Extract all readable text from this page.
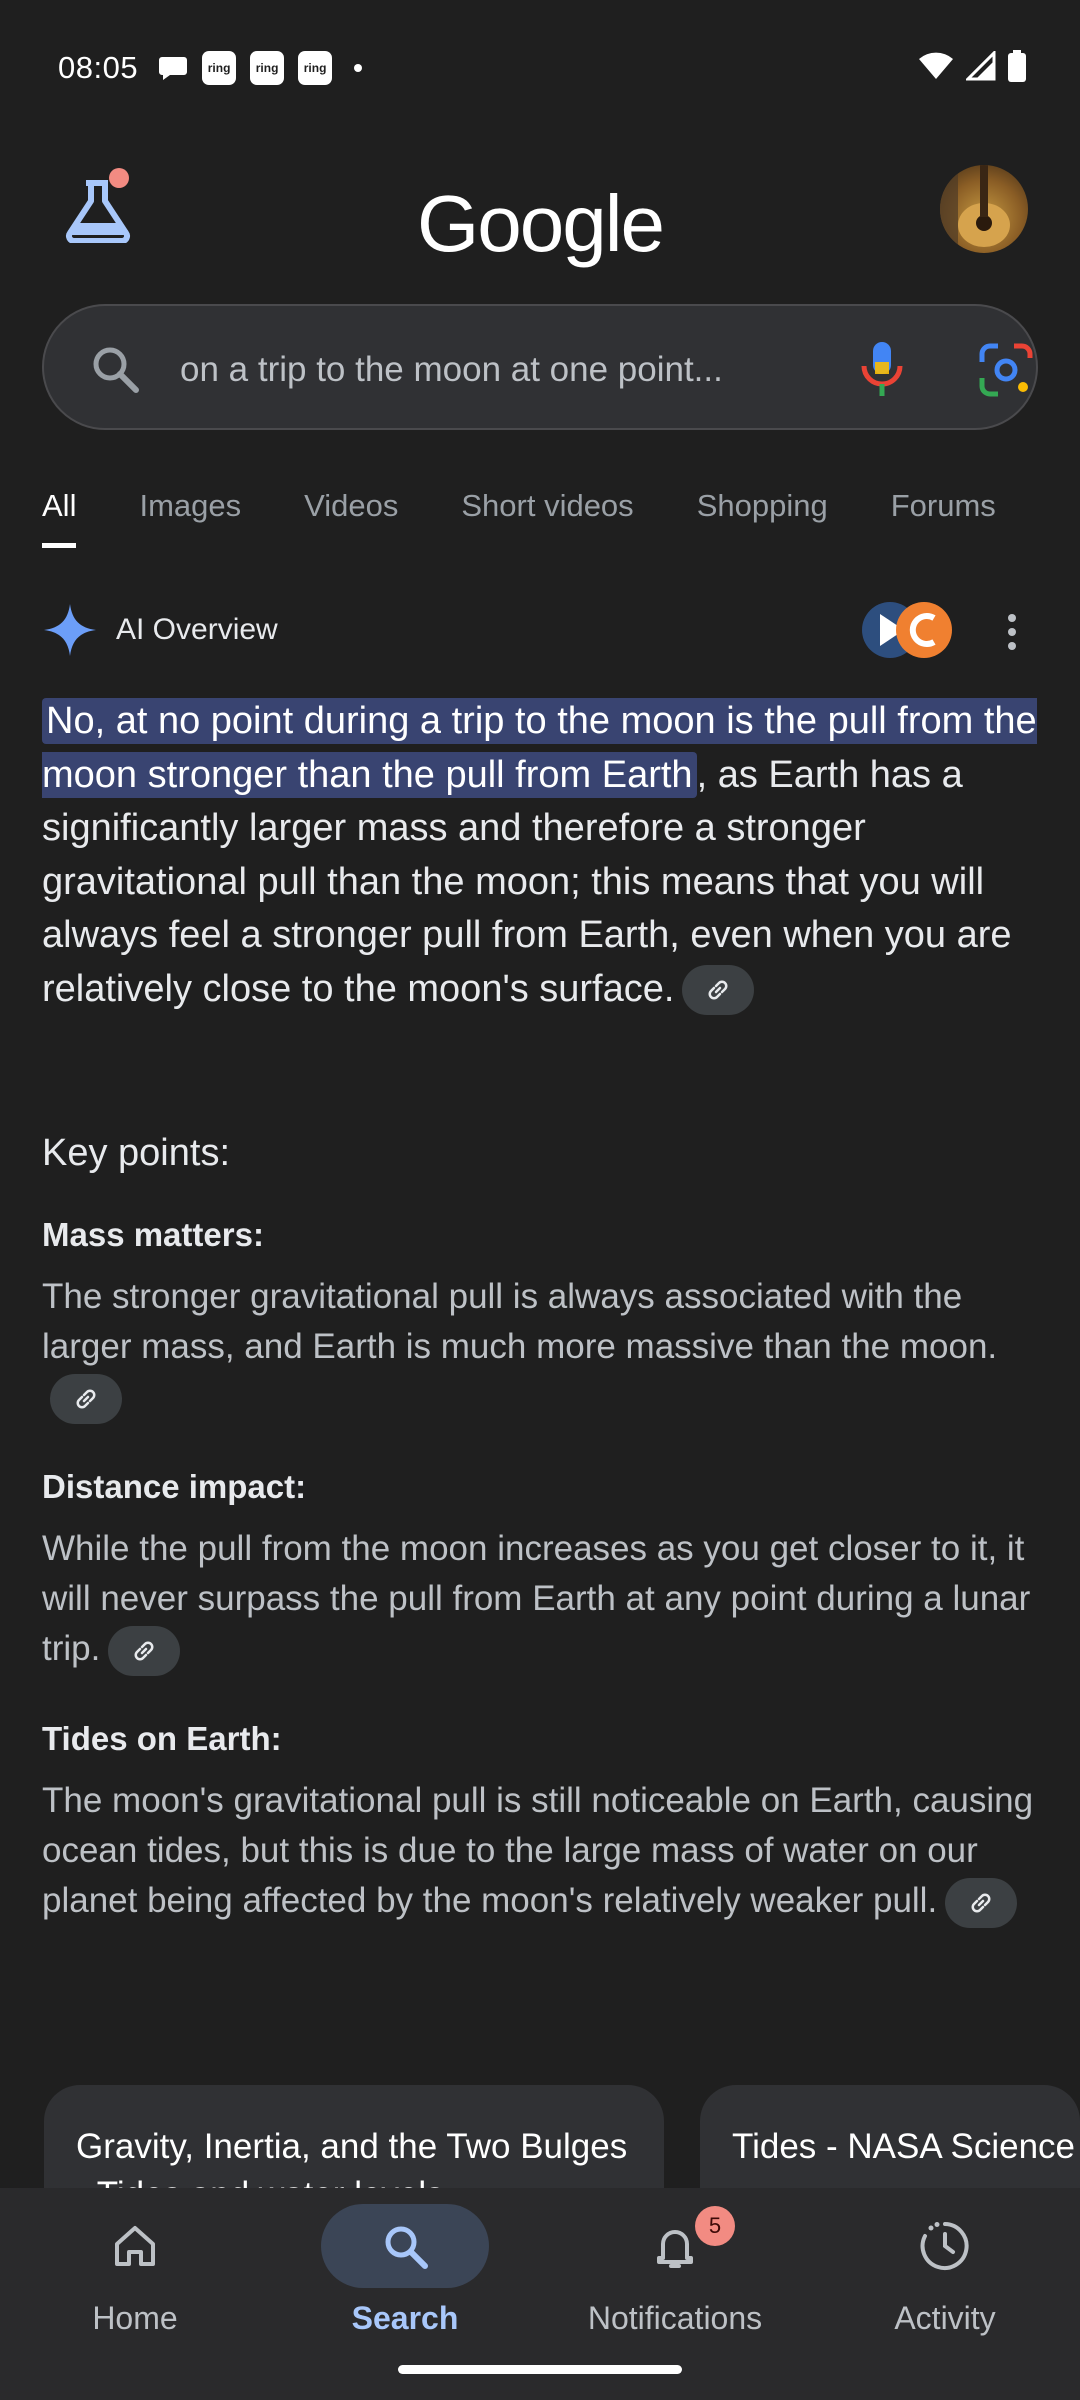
08:05	ring	ring	ring
Google
on a trip to the moon at one point...
All Images Videos Short videos Shopping Forums
AI Overview
No, at no point during a trip to the moon is the pull from the moon stronger than the pull from Earth , as Earth has a significantly larger mass and therefore a stronger gravitational pull than the moon; this means that you will always feel a stronger pull from Earth, even when you are relatively close to the moon's surface.
Key points:
Mass matters:
The stronger gravitational pull is always associated with the larger mass, and Earth is much more massive than the moon.
Distance impact:
While the pull from the moon increases as you get closer to it, it will never surpass the pull from Earth at any point during a lunar trip.
Tides on Earth:
The moon's gravitational pull is still noticeable on Earth, causing ocean tides, but this is due to the large mass of water on our planet being affected by the moon's relatively weaker pull.
Gravity, Inertia, and the Two Bulges	Tides - NASA Science
Home	Search
5
Notifications	Activity
